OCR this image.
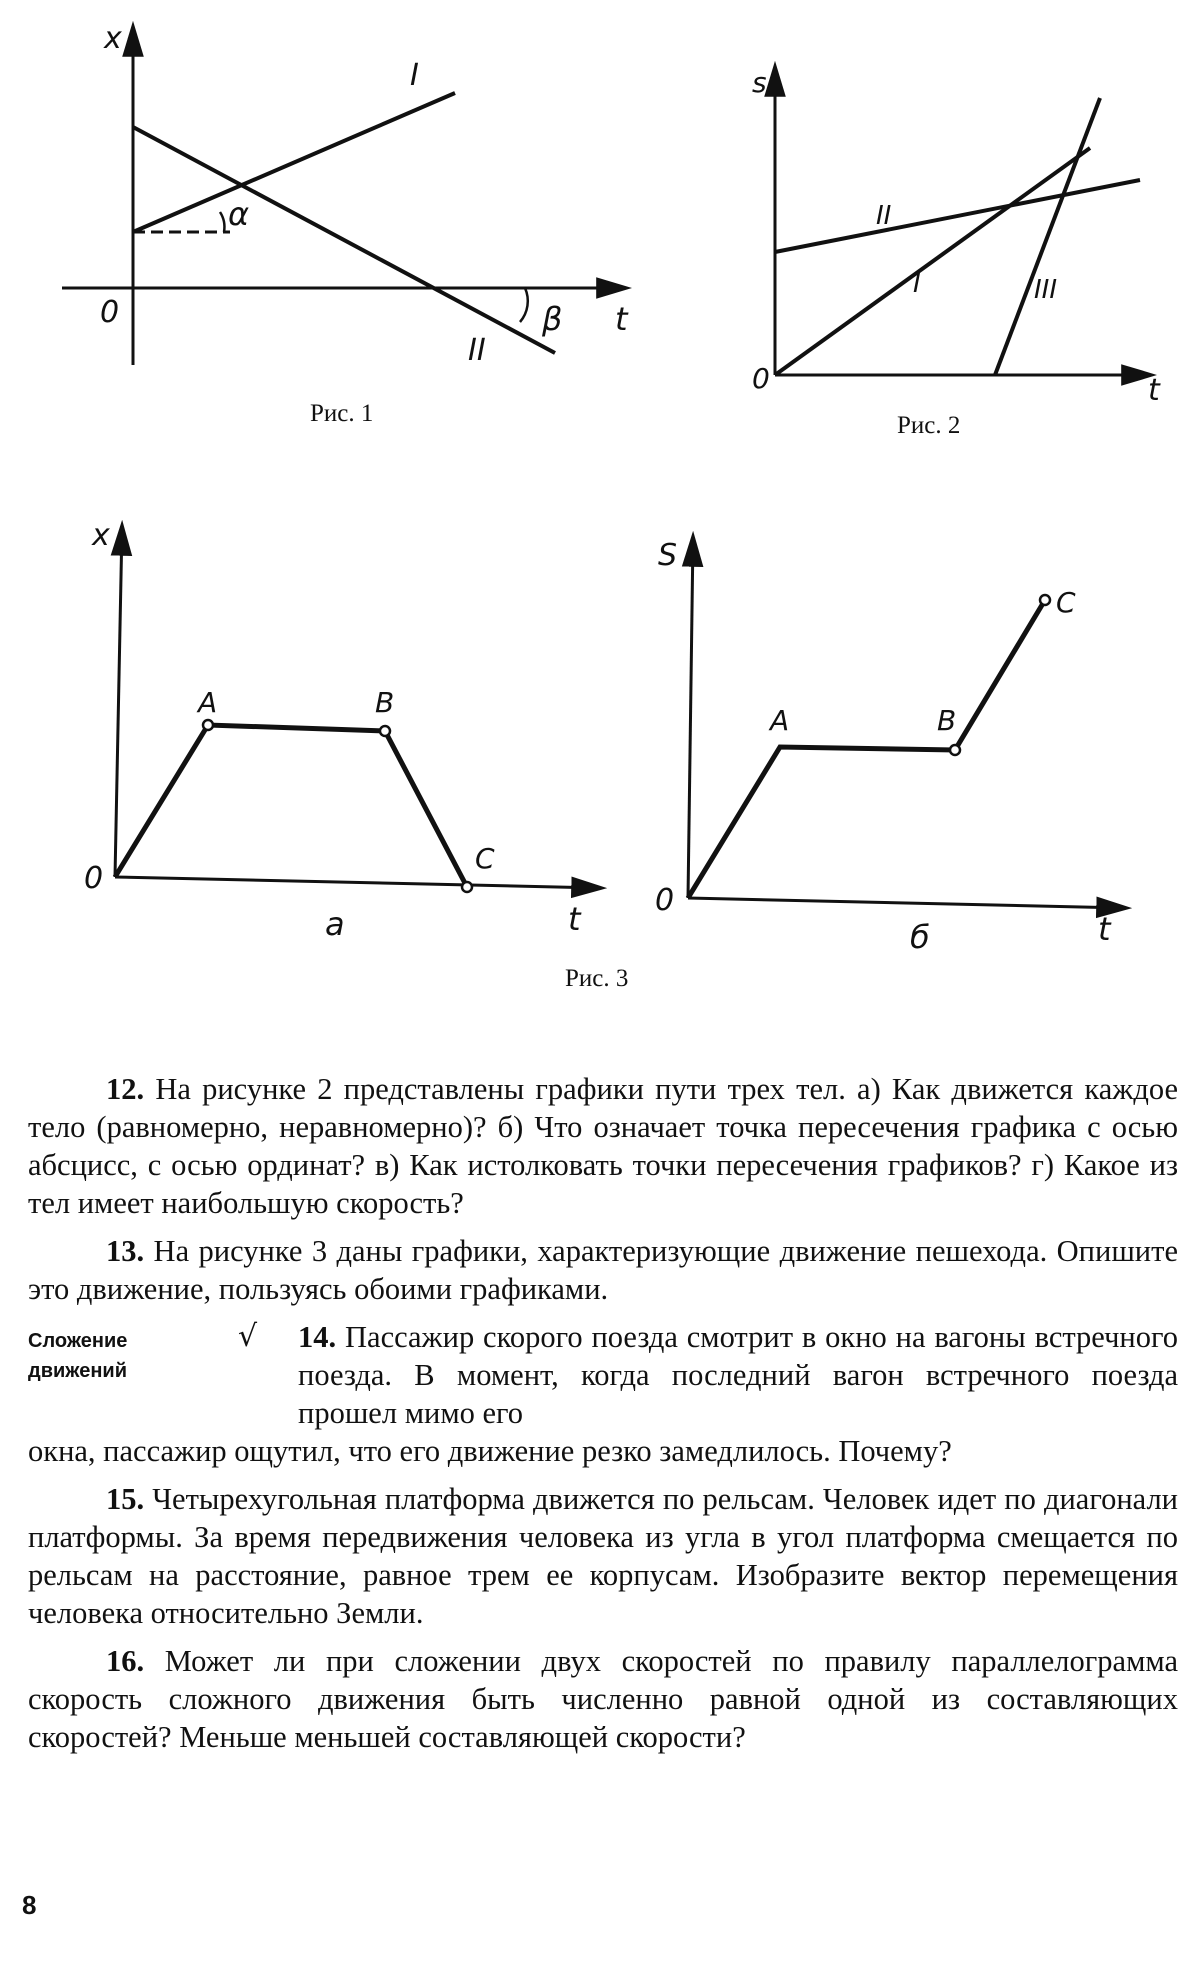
x
t
0
I
II
α
β
s
t
0
I
II
III
x
t
0
A	B
C
а
S
t
0
A	B
C
б
Рис. 1	Рис. 2
Рис. 3

12. На рисунке 2 представлены графики пути трех тел. а) Как движется каждое тело (равномерно, неравномерно)? б) Что означает точка пересечения графика с осью абсцисс, с осью ординат? в) Как истолковать точки пересечения графиков? г) Какое из тел имеет наибольшую скорость?

13. На рисунке 3 даны графики, характеризующие движение пешехода. Опишите это движение, пользуясь обоими графиками.

Сложение
движений
√ 14. Пассажир скорого поезда смотрит в окно на вагоны встречного поезда. В момент, когда последний вагон встречного поезда прошел мимо его
окна, пассажир ощутил, что его движение резко замедлилось. Почему?

15. Четырехугольная платформа движется по рельсам. Человек идет по диагонали платформы. За время передвижения человека из угла в угол платформа смещается по рельсам на расстояние, равное трем ее корпусам. Изобразите вектор перемещения человека относительно Земли.

16. Может ли при сложении двух скоростей по правилу параллелограмма скорость сложного движения быть численно равной одной из составляющих скоростей? Меньше меньшей составляющей скорости?

8
